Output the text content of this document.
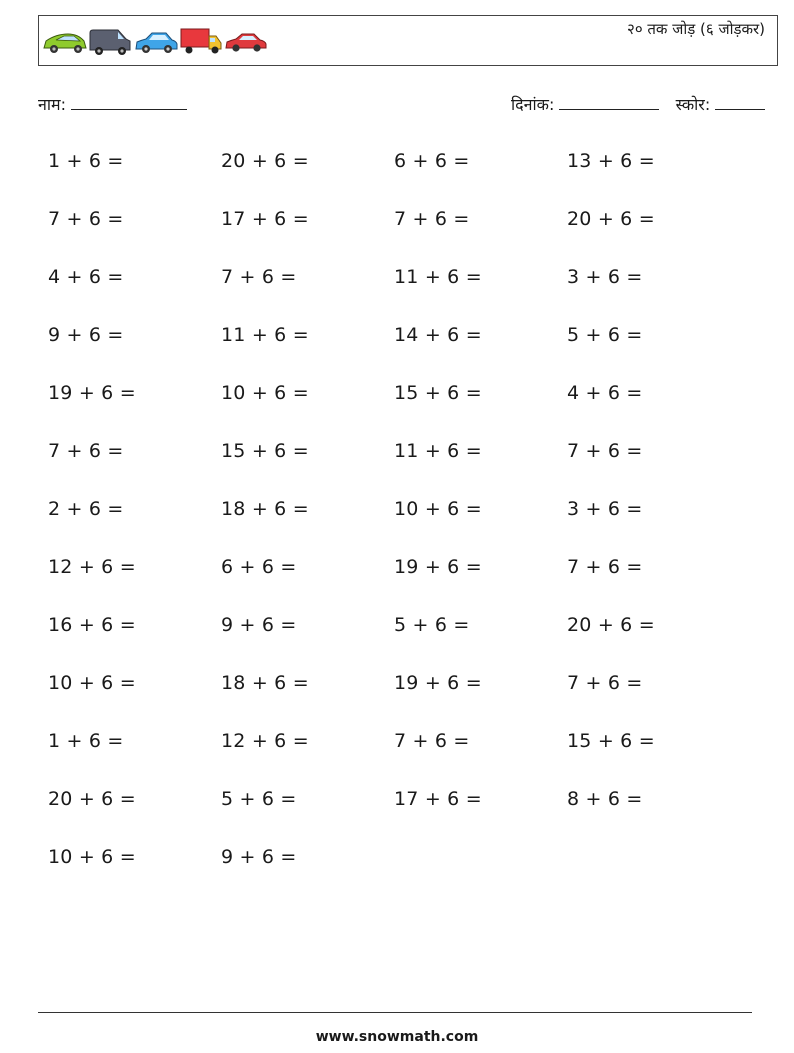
२० तक जोड़ (६ जोड़कर)
नाम:	दिनांक:	स्कोर:
1 + 6 =
7 + 6 =
4 + 6 =
9 + 6 =
19 + 6 =
7 + 6 =
2 + 6 =
12 + 6 =
16 + 6 =
10 + 6 =
1 + 6 =
20 + 6 =
10 + 6 =
20 + 6 =
17 + 6 =
7 + 6 =
11 + 6 =
10 + 6 =
15 + 6 =
18 + 6 =
6 + 6 =
9 + 6 =
18 + 6 =
12 + 6 =
5 + 6 =
9 + 6 =
6 + 6 =
7 + 6 =
11 + 6 =
14 + 6 =
15 + 6 =
11 + 6 =
10 + 6 =
19 + 6 =
5 + 6 =
19 + 6 =
7 + 6 =
17 + 6 =
13 + 6 =
20 + 6 =
3 + 6 =
5 + 6 =
4 + 6 =
7 + 6 =
3 + 6 =
7 + 6 =
20 + 6 =
7 + 6 =
15 + 6 =
8 + 6 =
www.snowmath.com
